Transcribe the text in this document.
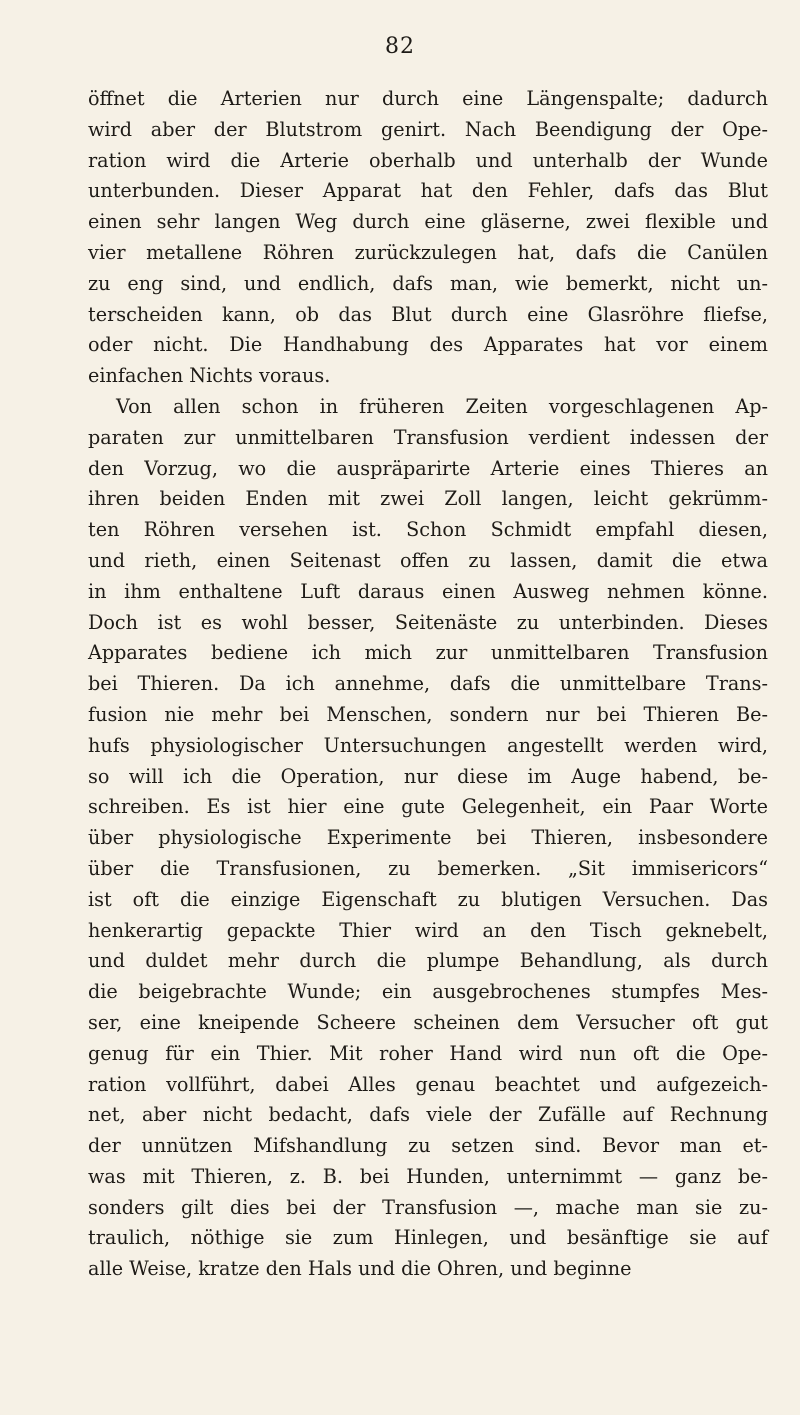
82
öffnet die Arterien nur durch eine Längenspalte; dadurch
wird aber der Blutstrom genirt. Nach Beendigung der Ope-
ration wird die Arterie oberhalb und unterhalb der Wunde
unterbunden. Dieser Apparat hat den Fehler, dafs das Blut
einen sehr langen Weg durch eine gläserne, zwei flexible und
vier metallene Röhren zurückzulegen hat, dafs die Canülen
zu eng sind, und endlich, dafs man, wie bemerkt, nicht un-
terscheiden kann, ob das Blut durch eine Glasröhre fliefse,
oder nicht. Die Handhabung des Apparates hat vor einem
einfachen Nichts voraus.
Von allen schon in früheren Zeiten vorgeschlagenen Ap-
paraten zur unmittelbaren Transfusion verdient indessen der
den Vorzug, wo die auspräparirte Arterie eines Thieres an
ihren beiden Enden mit zwei Zoll langen, leicht gekrümm-
ten Röhren versehen ist. Schon Schmidt empfahl diesen,
und rieth, einen Seitenast offen zu lassen, damit die etwa
in ihm enthaltene Luft daraus einen Ausweg nehmen könne.
Doch ist es wohl besser, Seitenäste zu unterbinden. Dieses
Apparates bediene ich mich zur unmittelbaren Transfusion
bei Thieren. Da ich annehme, dafs die unmittelbare Trans-
fusion nie mehr bei Menschen, sondern nur bei Thieren Be-
hufs physiologischer Untersuchungen angestellt werden wird,
so will ich die Operation, nur diese im Auge habend, be-
schreiben. Es ist hier eine gute Gelegenheit, ein Paar Worte
über physiologische Experimente bei Thieren, insbesondere
über die Transfusionen, zu bemerken. „Sit immisericors“
ist oft die einzige Eigenschaft zu blutigen Versuchen. Das
henkerartig gepackte Thier wird an den Tisch geknebelt,
und duldet mehr durch die plumpe Behandlung, als durch
die beigebrachte Wunde; ein ausgebrochenes stumpfes Mes-
ser, eine kneipende Scheere scheinen dem Versucher oft gut
genug für ein Thier. Mit roher Hand wird nun oft die Ope-
ration vollführt, dabei Alles genau beachtet und aufgezeich-
net, aber nicht bedacht, dafs viele der Zufälle auf Rechnung
der unnützen Mifshandlung zu setzen sind. Bevor man et-
was mit Thieren, z. B. bei Hunden, unternimmt — ganz be-
sonders gilt dies bei der Transfusion —, mache man sie zu-
traulich, nöthige sie zum Hinlegen, und besänftige sie auf
alle Weise, kratze den Hals und die Ohren, und beginne
